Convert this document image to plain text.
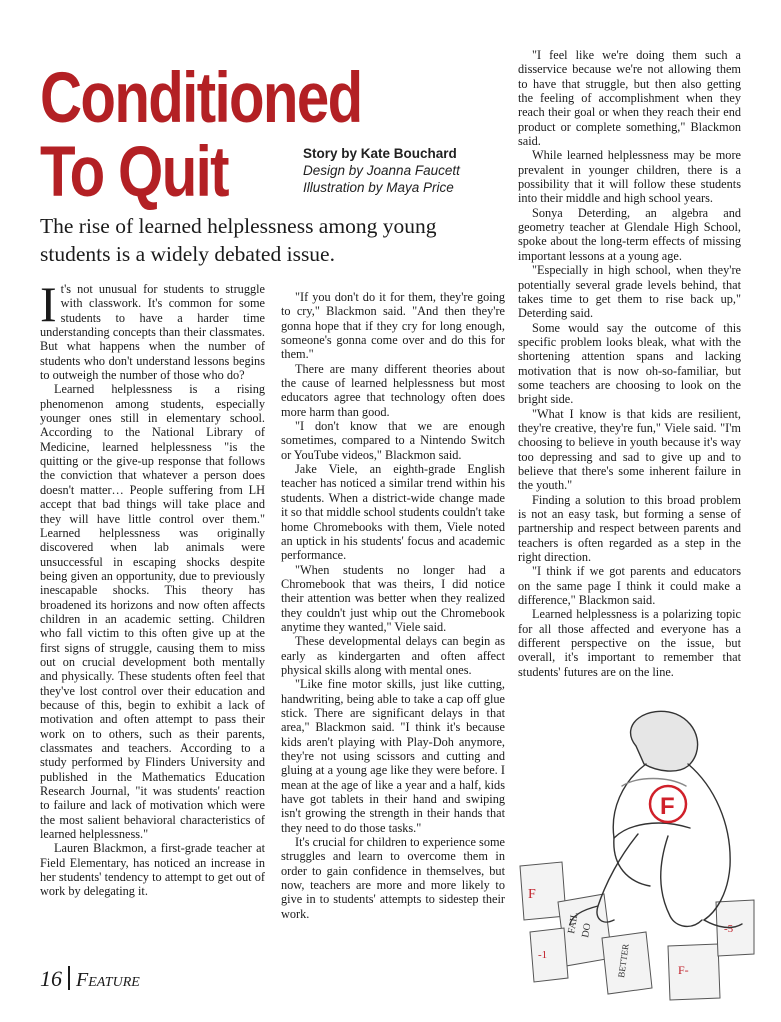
Conditioned
To Quit	Story by Kate Bouchard
Design by Joanna Faucett
Illustration by Maya Price
The rise of learned helplessness among young students is a widely debated issue.
I t's not unusual for students to struggle with classwork. It's common for some students to have a harder time understanding concepts than their classmates. But what happens when the number of students who don't understand lessons begins to outweigh the number of those who do?

Learned helplessness is a rising phenomenon among students, especially younger ones still in elementary school. According to the National Library of Medicine, learned helplessness "is the quitting or the give-up response that follows the conviction that whatever a person does doesn't matter… People suffering from LH accept that bad things will take place and they will have little control over them." Learned helplessness was originally discovered when lab animals were unsuccessful in escaping shocks despite being given an opportunity, due to previously inescapable shocks. This theory has broadened its horizons and now often affects children in an academic setting. Children who fall victim to this often give up at the first signs of struggle, causing them to miss out on crucial development both mentally and physically. These students often feel that they've lost control over their education and because of this, begin to exhibit a lack of motivation and often attempt to pass their work on to others, such as their parents, classmates and teachers. According to a study performed by Flinders University and published in the Mathematics Education Research Journal, "it was students' reaction to failure and lack of motivation which were the most salient behavioral characteristics of learned helplessness."

Lauren Blackmon, a first-grade teacher at Field Elementary, has noticed an increase in her students' tendency to attempt to get out of work by delegating it.

"If you don't do it for them, they're going to cry," Blackmon said. "And then they're gonna hope that if they cry for long enough, someone's gonna come over and do this for them."

There are many different theories about the cause of learned helplessness but most educators agree that technology often does more harm than good.

"I don't know that we are enough sometimes, compared to a Nintendo Switch or YouTube videos," Blackmon said.

Jake Viele, an eighth-grade English teacher has noticed a similar trend within his students. When a district-wide change made it so that middle school students couldn't take home Chromebooks with them, Viele noted an uptick in his students' focus and academic performance.

"When students no longer had a Chromebook that was theirs, I did notice their attention was better when they realized they couldn't just whip out the Chromebook anytime they wanted," Viele said.

These developmental delays can begin as early as kindergarten and often affect physical skills along with mental ones.

"Like fine motor skills, just like cutting, handwriting, being able to take a cap off glue stick. There are significant delays in that area," Blackmon said. "I think it's because kids aren't playing with Play-Doh anymore, they're not using scissors and cutting and gluing at a young age like they were before. I mean at the age of like a year and a half, kids have got tablets in their hand and swiping isn't growing the strength in their hands that they need to do those tasks."

It's crucial for children to experience some struggles and learn to overcome them in order to gain confidence in themselves, but now, teachers are more and more likely to give in to students' attempts to sidestep their work.

"I feel like we're doing them such a disservice because we're not allowing them to have that struggle, but then also getting the feeling of accomplishment when they reach their goal or when they reach their end product or complete something," Blackmon said.

While learned helplessness may be more prevalent in younger children, there is a possibility that it will follow these students into their middle and high school years.

Sonya Deterding, an algebra and geometry teacher at Glendale High School, spoke about the long-term effects of missing important lessons at a young age.

"Especially in high school, when they're potentially several grade levels behind, that takes time to get them to rise back up," Deterding said.

Some would say the outcome of this specific problem looks bleak, what with the shortening attention spans and lacking motivation that is now oh-so-familiar, but some teachers are choosing to look on the bright side.

"What I know is that kids are resilient, they're creative, they're fun," Viele said. "I'm choosing to believe in youth because it's way too depressing and sad to give up and to believe that there's some inherent failure in the youth."

Finding a solution to this broad problem is not an easy task, but forming a sense of partnership and respect between parents and teachers is often regarded as a step in the right direction.

"I think if we got parents and educators on the same page I think it could make a difference," Blackmon said.

Learned helplessness is a polarizing topic for all those affected and everyone has a different perspective on the issue, but overall, it's important to remember that students' futures are on the line.

F
FAIL DO
BETTER	F-
-5
-1
F
16 Feature
